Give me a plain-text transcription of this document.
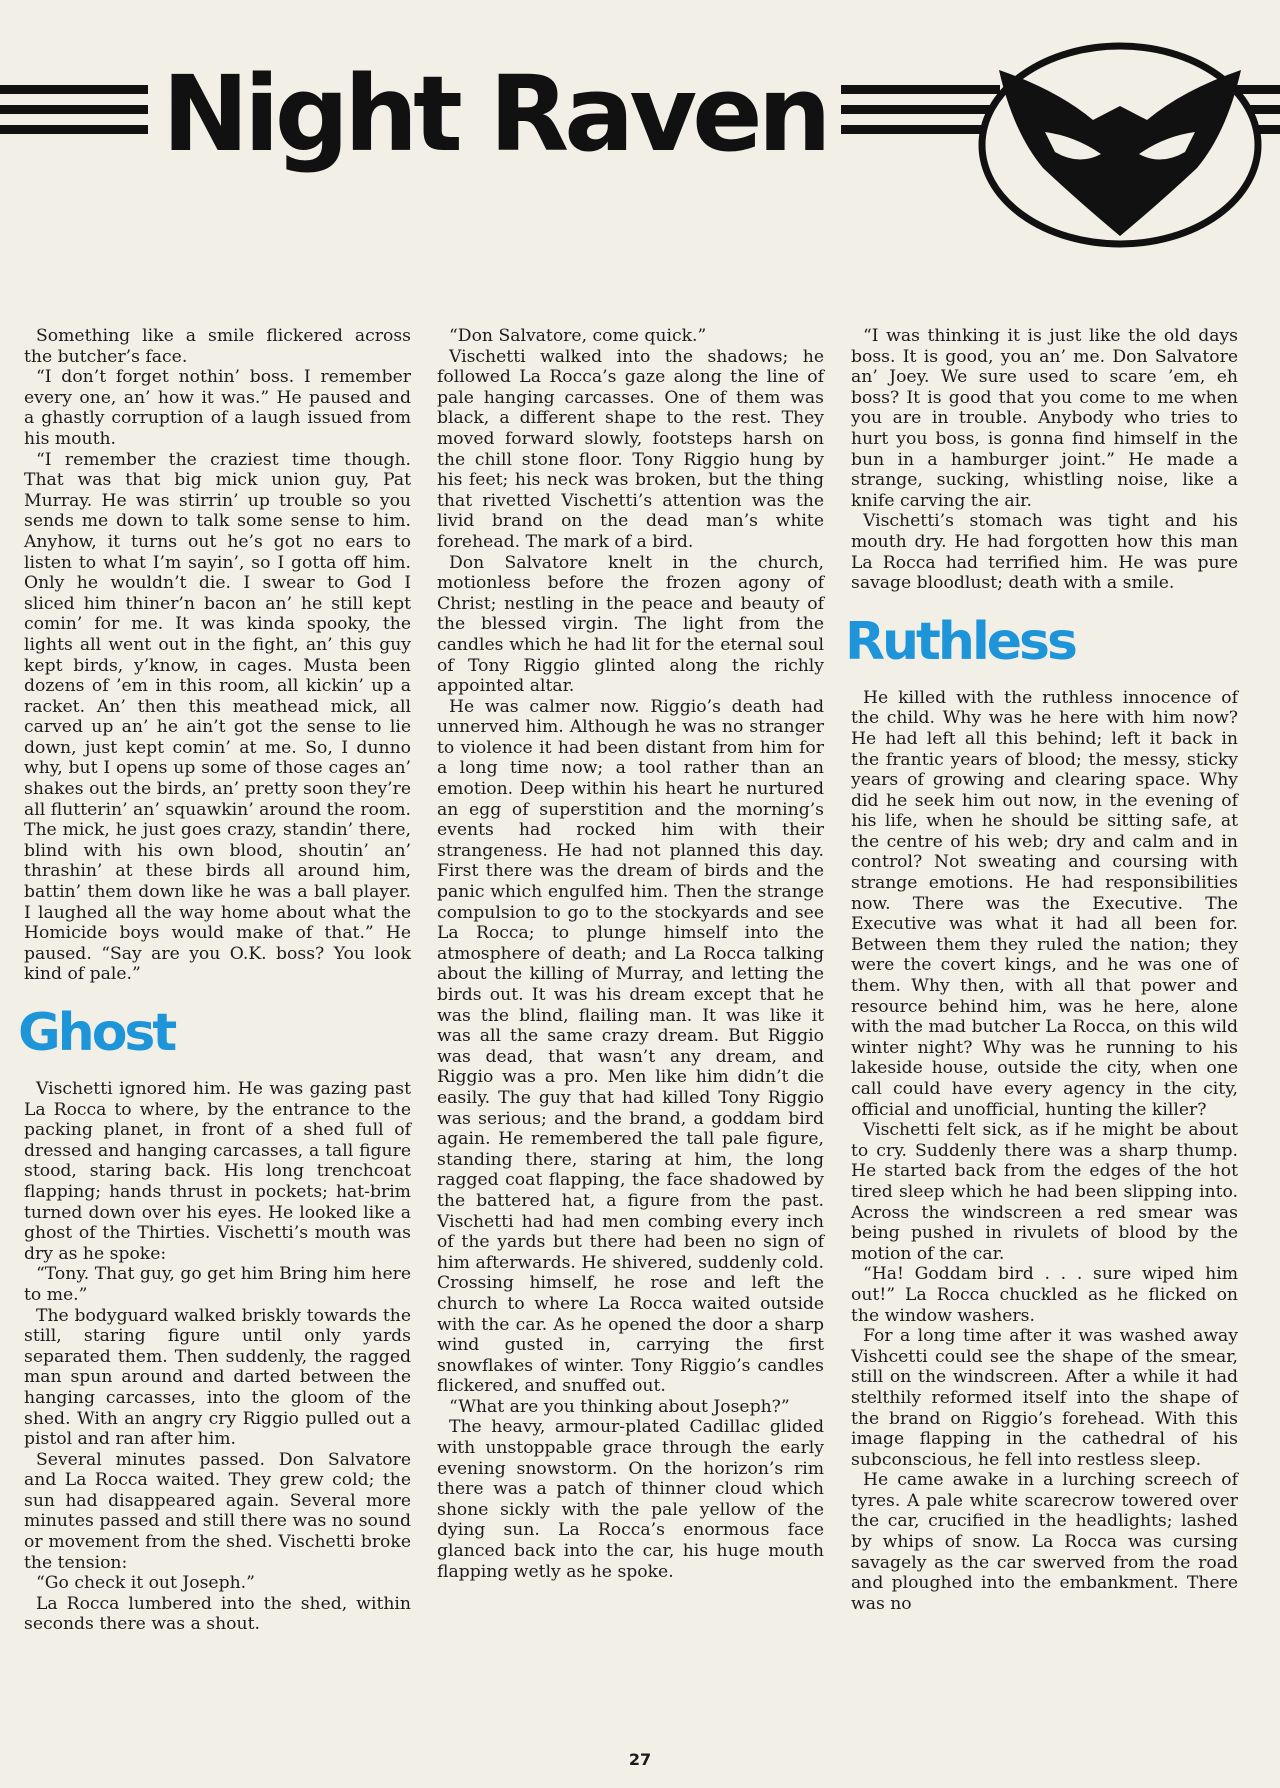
Night Raven

Something like a smile flickered across the butcher’s face.

“I don’t forget nothin’ boss. I remember every one, an’ how it was.” He paused and a ghastly corruption of a laugh issued from his mouth.

“I remember the craziest time though. That was that big mick union guy, Pat Murray. He was stirrin’ up trouble so you sends me down to talk some sense to him. Anyhow, it turns out he’s got no ears to listen to what I’m sayin’, so I gotta off him. Only he wouldn’t die. I swear to God I sliced him thiner’n bacon an’ he still kept comin’ for me. It was kinda spooky, the lights all went out in the fight, an’ this guy kept birds, y’know, in cages. Musta been dozens of ’em in this room, all kickin’ up a racket. An’ then this meathead mick, all carved up an’ he ain’t got the sense to lie down, just kept comin’ at me. So, I dunno why, but I opens up some of those cages an’ shakes out the birds, an’ pretty soon they’re all flutterin’ an’ squawkin’ around the room. The mick, he just goes crazy, standin’ there, blind with his own blood, shoutin’ an’ thrashin’ at these birds all around him, battin’ them down like he was a ball player. I laughed all the way home about what the Homicide boys would make of that.” He paused. “Say are you O.K. boss? You look kind of pale.”

Ghost

Vischetti ignored him. He was gazing past La Rocca to where, by the entrance to the packing planet, in front of a shed full of dressed and hanging carcasses, a tall figure stood, staring back. His long trenchcoat flapping; hands thrust in pockets; hat-brim turned down over his eyes. He looked like a ghost of the Thirties. Vischetti’s mouth was dry as he spoke:

“Tony. That guy, go get him Bring him here to me.”

The bodyguard walked briskly towards the still, staring figure until only yards separated them. Then suddenly, the ragged man spun around and darted between the hanging carcasses, into the gloom of the shed. With an angry cry Riggio pulled out a pistol and ran after him.

Several minutes passed. Don Salvatore and La Rocca waited. They grew cold; the sun had disappeared again. Several more minutes passed and still there was no sound or movement from the shed. Vischetti broke the tension:

“Go check it out Joseph.”

La Rocca lumbered into the shed, within seconds there was a shout.

“Don Salvatore, come quick.”

Vischetti walked into the shadows; he followed La Rocca’s gaze along the line of pale hanging carcasses. One of them was black, a different shape to the rest. They moved forward slowly, footsteps harsh on the chill stone floor. Tony Riggio hung by his feet; his neck was broken, but the thing that rivetted Vischetti’s attention was the livid brand on the dead man’s white forehead. The mark of a bird.

Don Salvatore knelt in the church, motionless before the frozen agony of Christ; nestling in the peace and beauty of the blessed virgin. The light from the candles which he had lit for the eternal soul of Tony Riggio glinted along the richly appointed altar.

He was calmer now. Riggio’s death had unnerved him. Although he was no stranger to violence it had been distant from him for a long time now; a tool rather than an emotion. Deep within his heart he nurtured an egg of superstition and the morning’s events had rocked him with their strangeness. He had not planned this day. First there was the dream of birds and the panic which engulfed him. Then the strange compulsion to go to the stockyards and see La Rocca; to plunge himself into the atmosphere of death; and La Rocca talking about the killing of Murray, and letting the birds out. It was his dream except that he was the blind, flailing man. It was like it was all the same crazy dream. But Riggio was dead, that wasn’t any dream, and Riggio was a pro. Men like him didn’t die easily. The guy that had killed Tony Riggio was serious; and the brand, a goddam bird again. He remembered the tall pale figure, standing there, staring at him, the long ragged coat flapping, the face shadowed by the battered hat, a figure from the past. Vischetti had had men combing every inch of the yards but there had been no sign of him afterwards. He shivered, suddenly cold. Crossing himself, he rose and left the church to where La Rocca waited outside with the car. As he opened the door a sharp wind gusted in, carrying the first snowflakes of winter. Tony Riggio’s candles flickered, and snuffed out.

“What are you thinking about Joseph?”

The heavy, armour-plated Cadillac glided with unstoppable grace through the early evening snowstorm. On the horizon’s rim there was a patch of thinner cloud which shone sickly with the pale yellow of the dying sun. La Rocca’s enormous face glanced back into the car, his huge mouth flapping wetly as he spoke.

“I was thinking it is just like the old days boss. It is good, you an’ me. Don Salvatore an’ Joey. We sure used to scare ’em, eh boss? It is good that you come to me when you are in trouble. Anybody who tries to hurt you boss, is gonna find himself in the bun in a hamburger joint.” He made a strange, sucking, whistling noise, like a knife carving the air.

Vischetti’s stomach was tight and his mouth dry. He had forgotten how this man La Rocca had terrified him. He was pure savage bloodlust; death with a smile.

Ruthless

He killed with the ruthless innocence of the child. Why was he here with him now? He had left all this behind; left it back in the frantic years of blood; the messy, sticky years of growing and clearing space. Why did he seek him out now, in the evening of his life, when he should be sitting safe, at the centre of his web; dry and calm and in control? Not sweating and coursing with strange emotions. He had responsibilities now. There was the Executive. The Executive was what it had all been for. Between them they ruled the nation; they were the covert kings, and he was one of them. Why then, with all that power and resource behind him, was he here, alone with the mad butcher La Rocca, on this wild winter night? Why was he running to his lakeside house, outside the city, when one call could have every agency in the city, official and unofficial, hunting the killer?

Vischetti felt sick, as if he might be about to cry. Suddenly there was a sharp thump. He started back from the edges of the hot tired sleep which he had been slipping into. Across the windscreen a red smear was being pushed in rivulets of blood by the motion of the car.

“Ha! Goddam bird . . . sure wiped him out!” La Rocca chuckled as he flicked on the window washers.

For a long time after it was washed away Vishcetti could see the shape of the smear, still on the windscreen. After a while it had stelthily reformed itself into the shape of the brand on Riggio’s forehead. With this image flapping in the cathedral of his subconscious, he fell into restless sleep.

He came awake in a lurching screech of tyres. A pale white scarecrow towered over the car, crucified in the headlights; lashed by whips of snow. La Rocca was cursing savagely as the car swerved from the road and ploughed into the embankment. There was no

27
